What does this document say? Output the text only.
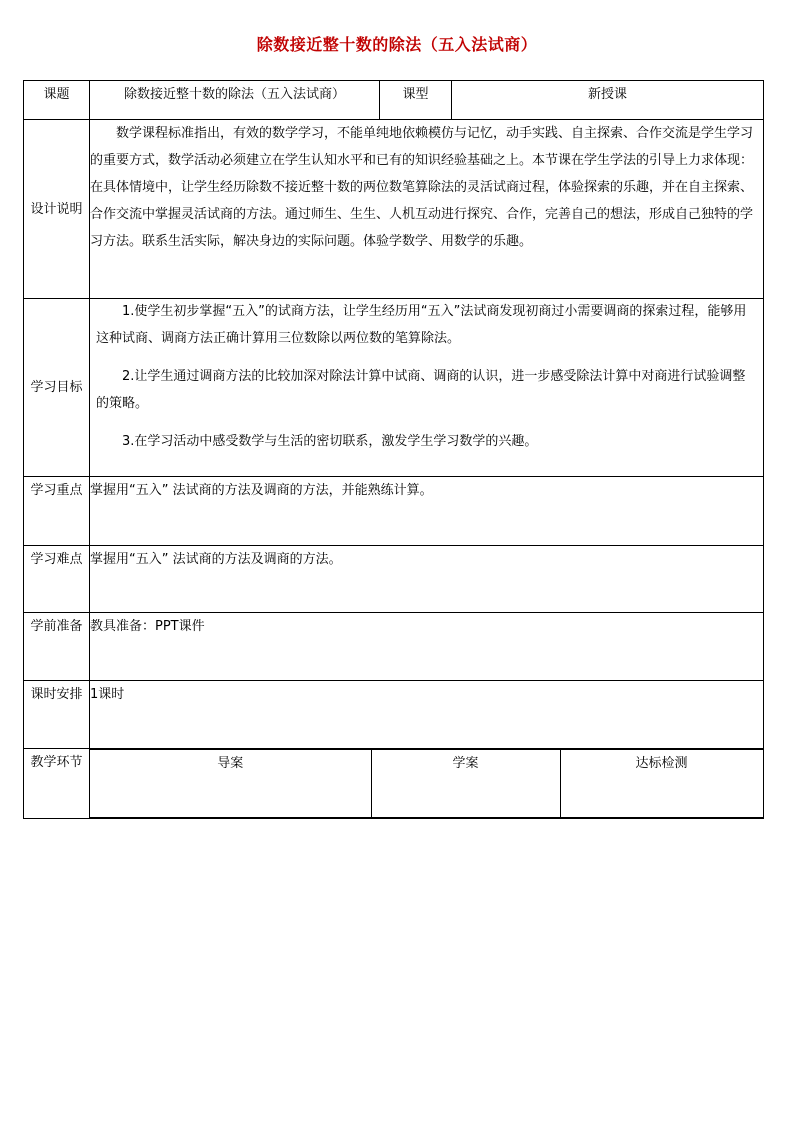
除数接近整十数的除法（五入法试商）
课题	除数接近整十数的除法（五入法试商）	课型	新授课
设计说明	数学课程标准指出，有效的数学学习，不能单纯地依赖模仿与记忆，动手实践、自主探索、合作交流是学生学习的重要方式，数学活动必须建立在学生认知水平和已有的知识经验基础之上。本节课在学生学法的引导上力求体现：在具体情境中，让学生经历除数不接近整十数的两位数笔算除法的灵活试商过程，体验探索的乐趣，并在自主探索、合作交流中掌握灵活试商的方法。通过师生、生生、人机互动进行探究、合作，完善自己的想法，形成自己独特的学习方法。联系生活实际，解决身边的实际问题。体验学数学、用数学的乐趣。
学习目标	

1.使学生初步掌握“五入”的试商方法，让学生经历用“五入”法试商发现初商过小需要调商的探索过程，能够用这种试商、调商方法正确计算用三位数除以两位数的笔算除法。

2.让学生通过调商方法的比较加深对除法计算中试商、调商的认识，进一步感受除法计算中对商进行试验调整的策略。

3.在学习活动中感受数学与生活的密切联系，激发学生学习数学的兴趣。

学习重点	掌握用“五入” 法试商的方法及调商的方法，并能熟练计算。
学习难点	掌握用“五入” 法试商的方法及调商的方法。
学前准备	教具准备：PPT课件
课时安排	1课时
教学环节		导案	学案	达标检测
